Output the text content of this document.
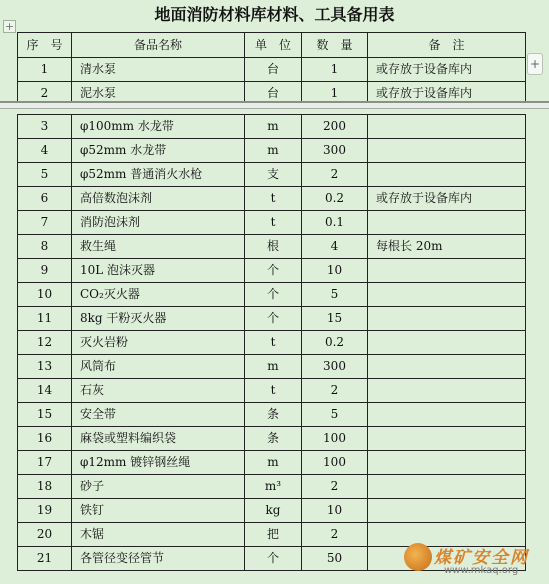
地面消防材料库材料、工具备用表
+
+
序　号	备品名称	单　位	数　量	备　注
1	清水泵	台	1	或存放于设备库内
2	泥水泵	台	1	或存放于设备库内
3	φ100mm 水龙带	m	200	
4	φ52mm 水龙带	m	300	
5	φ52mm 普通消火水枪	支	2	
6	高倍数泡沫剂	t	0.2	或存放于设备库内
7	消防泡沫剂	t	0.1	
8	救生绳	根	4	每根长 20m
9	10L 泡沫灭器	个	10	
10	CO₂灭火器	个	5	
11	8kg 干粉灭火器	个	15	
12	灭火岩粉	t	0.2	
13	风筒布	m	300	
14	石灰	t	2	
15	安全带	条	5	
16	麻袋或塑料编织袋	条	100	
17	φ12mm 镀锌钢丝绳	m	100	
18	砂子	m³	2	
19	铁钉	kg	10	
20	木锯	把	2	
21	各管径变径管节	个	50		煤矿安全网
www.mkaq.org
